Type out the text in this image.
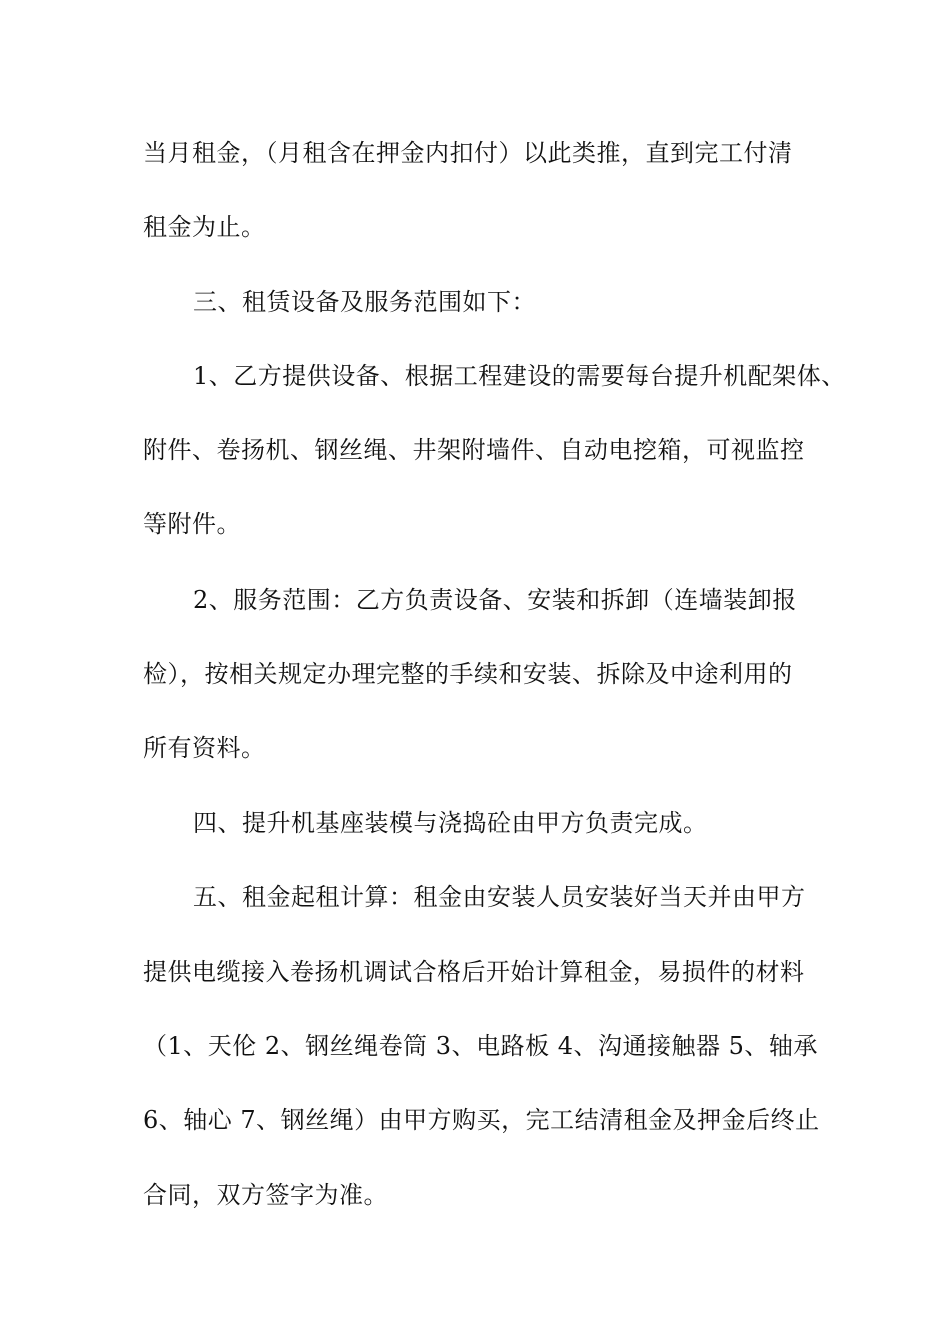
当月租金，（月租含在押金内扣付）以此类推，直到完工付清
租金为止。
三、租赁设备及服务范围如下：
1、乙方提供设备、根据工程建设的需要每台提升机配架体、
附件、卷扬机、钢丝绳、井架附墙件、自动电挖箱，可视监控
等附件。
2、服务范围：乙方负责设备、安装和拆卸（连墙装卸报
检），按相关规定办理完整的手续和安装、拆除及中途利用的
所有资料。
四、提升机基座装模与浇捣砼由甲方负责完成。
五、租金起租计算：租金由安装人员安装好当天并由甲方
提供电缆接入卷扬机调试合格后开始计算租金，易损件的材料
（1、天伦 2、钢丝绳卷筒 3、电路板 4、沟通接触器 5、轴承
6、轴心 7、钢丝绳）由甲方购买，完工结清租金及押金后终止
合同，双方签字为准。
